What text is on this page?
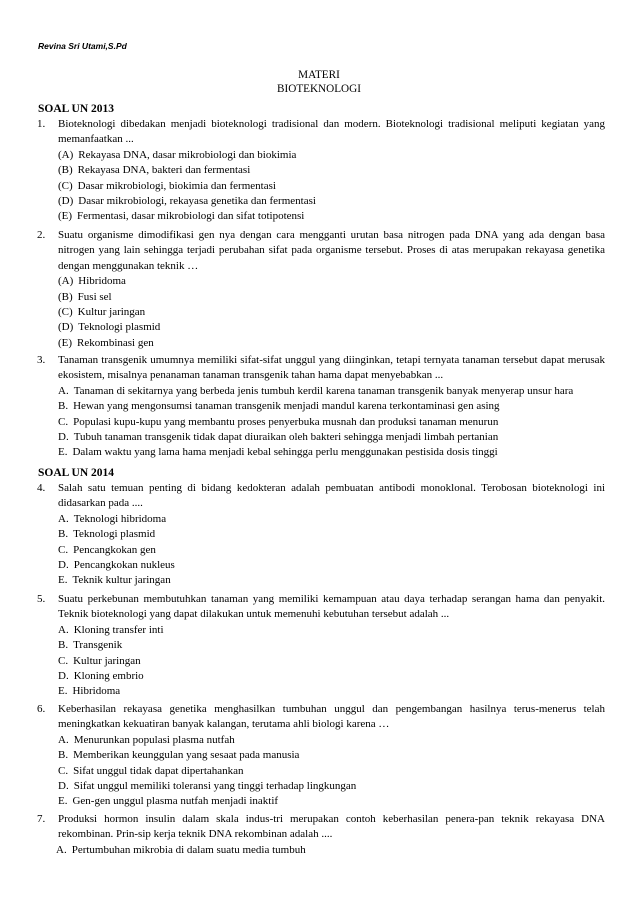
Revina Sri Utami,S.Pd
MATERI
BIOTEKNOLOGI
SOAL UN 2013
1. Bioteknologi dibedakan menjadi bioteknologi tradisional dan modern. Bioteknologi tradisional meliputi kegiatan yang memanfaatkan ...
(A) Rekayasa DNA, dasar mikrobiologi dan biokimia
(B) Rekayasa DNA, bakteri dan fermentasi
(C) Dasar mikrobiologi, biokimia dan fermentasi
(D) Dasar mikrobiologi, rekayasa genetika dan fermentasi
(E) Fermentasi, dasar mikrobiologi dan sifat totipotensi
2. Suatu organisme dimodifikasi gen nya dengan cara mengganti urutan basa nitrogen pada DNA yang ada dengan basa nitrogen yang lain sehingga terjadi perubahan sifat pada organisme tersebut. Proses di atas merupakan rekayasa genetika dengan menggunakan teknik …
(A) Hibridoma
(B) Fusi sel
(C) Kultur jaringan
(D) Teknologi plasmid
(E) Rekombinasi gen
3. Tanaman transgenik umumnya memiliki sifat-sifat unggul yang diinginkan, tetapi ternyata tanaman tersebut dapat merusak ekosistem, misalnya penanaman tanaman transgenik tahan hama dapat menyebabkan ...
A. Tanaman di sekitarnya yang berbeda jenis tumbuh kerdil karena tanaman transgenik banyak menyerap unsur hara
B. Hewan yang mengonsumsi tanaman transgenik menjadi mandul karena terkontaminasi gen asing
C. Populasi kupu-kupu yang membantu proses penyerbuka musnah dan produksi tanaman menurun
D. Tubuh tanaman transgenik tidak dapat diuraikan oleh bakteri sehingga menjadi limbah pertanian
E. Dalam waktu yang lama hama menjadi kebal sehingga perlu menggunakan pestisida dosis tinggi
SOAL UN 2014
4. Salah satu temuan penting di bidang kedokteran adalah pembuatan antibodi monoklonal. Terobosan bioteknologi ini didasarkan pada ....
A. Teknologi hibridoma
B. Teknologi plasmid
C. Pencangkokan gen
D. Pencangkokan nukleus
E. Teknik kultur jaringan
5. Suatu perkebunan membutuhkan tanaman yang memiliki kemampuan atau daya terhadap serangan hama dan penyakit. Teknik bioteknologi yang dapat dilakukan untuk memenuhi kebutuhan tersebut adalah ...
A. Kloning transfer inti
B. Transgenik
C. Kultur jaringan
D. Kloning embrio
E. Hibridoma
6. Keberhasilan rekayasa genetika menghasilkan tumbuhan unggul dan pengembangan hasilnya terus-menerus telah meningkatkan kekuatiran banyak kalangan, terutama ahli biologi karena …
A. Menurunkan populasi plasma nutfah
B. Memberikan keunggulan yang sesaat pada manusia
C. Sifat unggul tidak dapat dipertahankan
D. Sifat unggul memiliki toleransi yang tinggi terhadap lingkungan
E. Gen-gen unggul plasma nutfah menjadi inaktif
7. Produksi hormon insulin dalam skala indus-tri merupakan contoh keberhasilan penera-pan teknik rekayasa DNA rekombinan. Prin-sip kerja teknik DNA rekombinan adalah ....
A. Pertumbuhan mikrobia di dalam suatu media tumbuh
